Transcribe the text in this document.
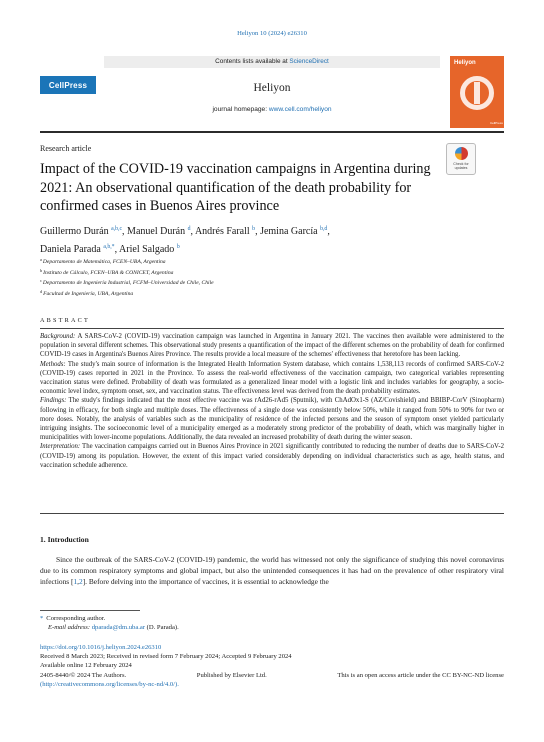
Heliyon 10 (2024) e26310
CellPress
Contents lists available at ScienceDirect
Heliyon
journal homepage: www.cell.com/heliyon
Heliyon
CellPress
Research article
Check for
updates
Impact of the COVID-19 vaccination campaigns in Argentina during 2021: An observational quantification of the death probability for confirmed cases in Buenos Aires province
Guillermo Durán $^{a,b,c}$, Manuel Durán $^d$, Andrés Farall $^b$, Jemina García $^{b,d}$,
Daniela Parada $^{a,b,*}$, Ariel Salgado $^b$
$^a$Departamento de Matemática, FCEN–UBA, Argentina
$^b$Instituto de Cálculo, FCEN–UBA & CONICET, Argentina
$^c$Departamento de Ingeniería Industrial, FCFM–Universidad de Chile, Chile
$^d$Facultad de Ingeniería, UBA, Argentina
ABSTRACT

Background: A SARS-CoV-2 (COVID-19) vaccination campaign was launched in Argentina in January 2021. The vaccines then available were administered to the population in several different schemes. This observational study presents a quantification of the impact of the different schemes on the probability of death for confirmed COVID-19 cases in Argentina's Buenos Aires Province. The results provide a local measure of the schemes' effectiveness that heretofore has been lacking.

Methods: The study's main source of information is the Integrated Health Information System database, which contains 1,538,113 records of confirmed SARS-CoV-2 (COVID-19) cases reported in 2021 in the Province. To assess the real-world effectiveness of the vaccination campaign, two categorical variables representing vaccination status were defined. Probability of death was formulated as a generalized linear model with a logistic link and includes variables for geography, a socio-economic level index, symptom onset, sex, and vaccination status. The effectiveness level was derived from the death probability estimates.

Findings: The study's findings indicated that the most effective vaccine was rAd26-rAd5 (Sputnik), with ChAdOx1-S (AZ/Covishield) and BBIBP-CorV (Sinopharm) following in efficacy, for both single and multiple doses. The effectiveness of a single dose was consistently below 50%, while it ranged from 50% to 90% for two or more doses. Notably, the analysis of variables such as the municipality of residence of the infected persons and the season of symptom onset yielded particularly intriguing insights. The socioeconomic level of a municipality emerged as a moderately strong predictor of the probability of death, which was marginally higher in municipalities with lower-income populations. Additionally, the data revealed an increased probability of death during the winter season.

Interpretation: The vaccination campaigns carried out in Buenos Aires Province in 2021 significantly contributed to reducing the number of deaths due to SARS-CoV-2 (COVID-19) among its population. However, the extent of this impact varied considerably depending on individual characteristics such as age, health status, and vaccination schedule adherence.

1. Introduction
Since the outbreak of the SARS-CoV-2 (COVID-19) pandemic, the world has witnessed not only the significance of studying this novel coronavirus due to its common respiratory symptoms and global impact, but also the unintended consequences it has had on the prevalence of other respiratory viral infections [1,2]. Before delving into the importance of vaccines, it is essential to acknowledge the
* Corresponding author.
E-mail address: dparada@dm.uba.ar (D. Parada).
https://doi.org/10.1016/j.heliyon.2024.e26310
Received 8 March 2023; Received in revised form 7 February 2024; Accepted 9 February 2024
Available online 12 February 2024
2405-8440/© 2024 The Authors.	Published by Elsevier Ltd.	This is an open access article under the CC BY-NC-ND license
(http://creativecommons.org/licenses/by-nc-nd/4.0/).
